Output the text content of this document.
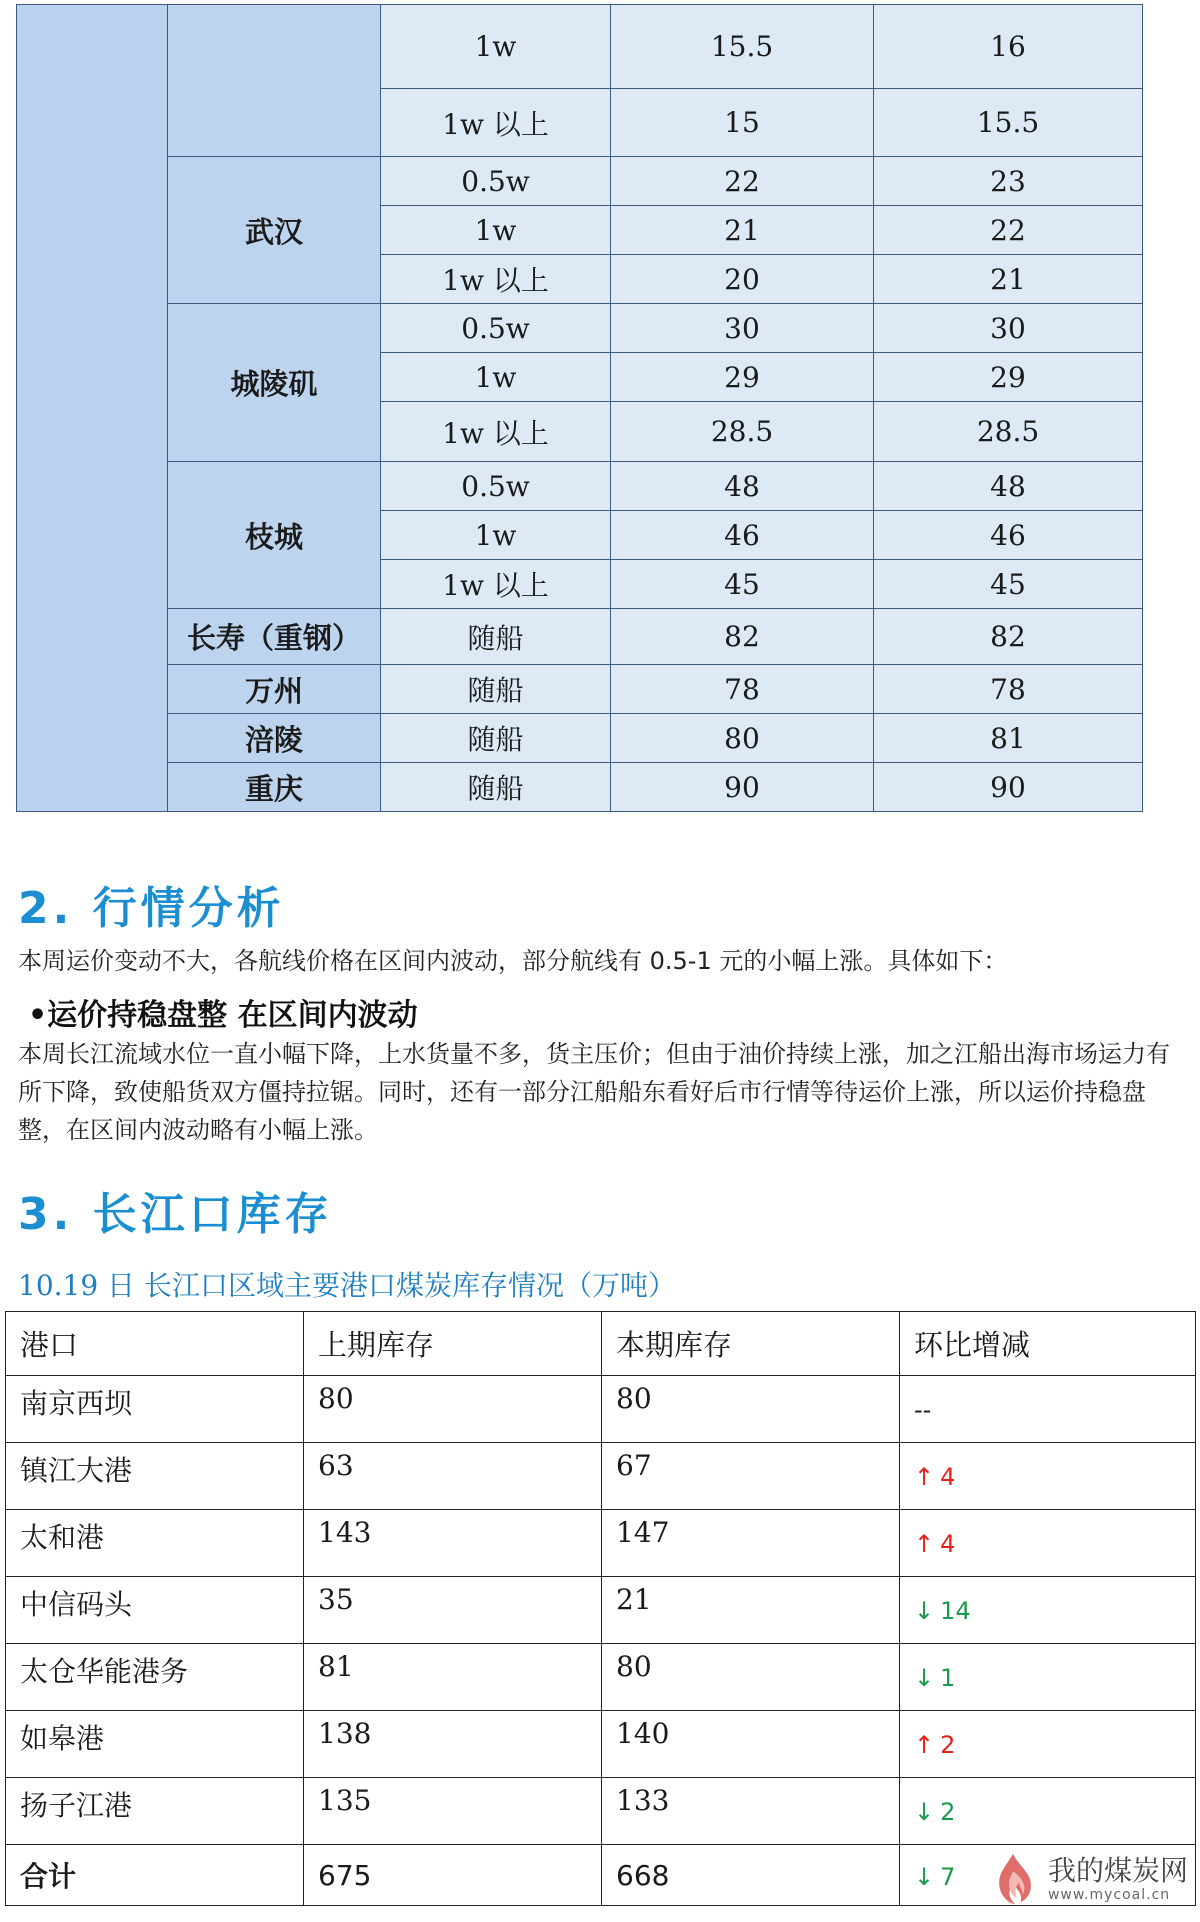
		1w	15.5	16
		1w 以上	15	15.5
	武汉	0.5w	22	23
		1w	21	22
		1w 以上	20	21
	城陵矶	0.5w	30	30
		1w	29	29
		1w 以上	28.5	28.5
	枝城	0.5w	48	48
		1w	46	46
		1w 以上	45	45
	长寿（重钢）	随船	82	82
	万州	随船	78	78
	涪陵	随船	80	81
	重庆	随船	90	90
2. 行情分析

本周运价变动不大，各航线价格在区间内波动，部分航线有 0.5-1 元的小幅上涨。具体如下：

•运价持稳盘整 在区间内波动

本周长江流域水位一直小幅下降，上水货量不多，货主压价；但由于油价持续上涨，加之江船出海市场运力有所下降，致使船货双方僵持拉锯。同时，还有一部分江船船东看好后市行情等待运价上涨，所以运价持稳盘整，在区间内波动略有小幅上涨。

3. 长江口库存

10.19 日 长江口区域主要港口煤炭库存情况（万吨）

港口	上期库存	本期库存	环比增减
南京西坝	80	80	--
镇江大港	63	67	↑ 4
太和港	143	147	↑ 4
中信码头	35	21	↓ 14
太仓华能港务	81	80	↓ 1
如皋港	138	140	↑ 2
扬子江港	135	133	↓ 2
合计	675	668	↓ 7	我的煤炭网
www.mycoal.cn
